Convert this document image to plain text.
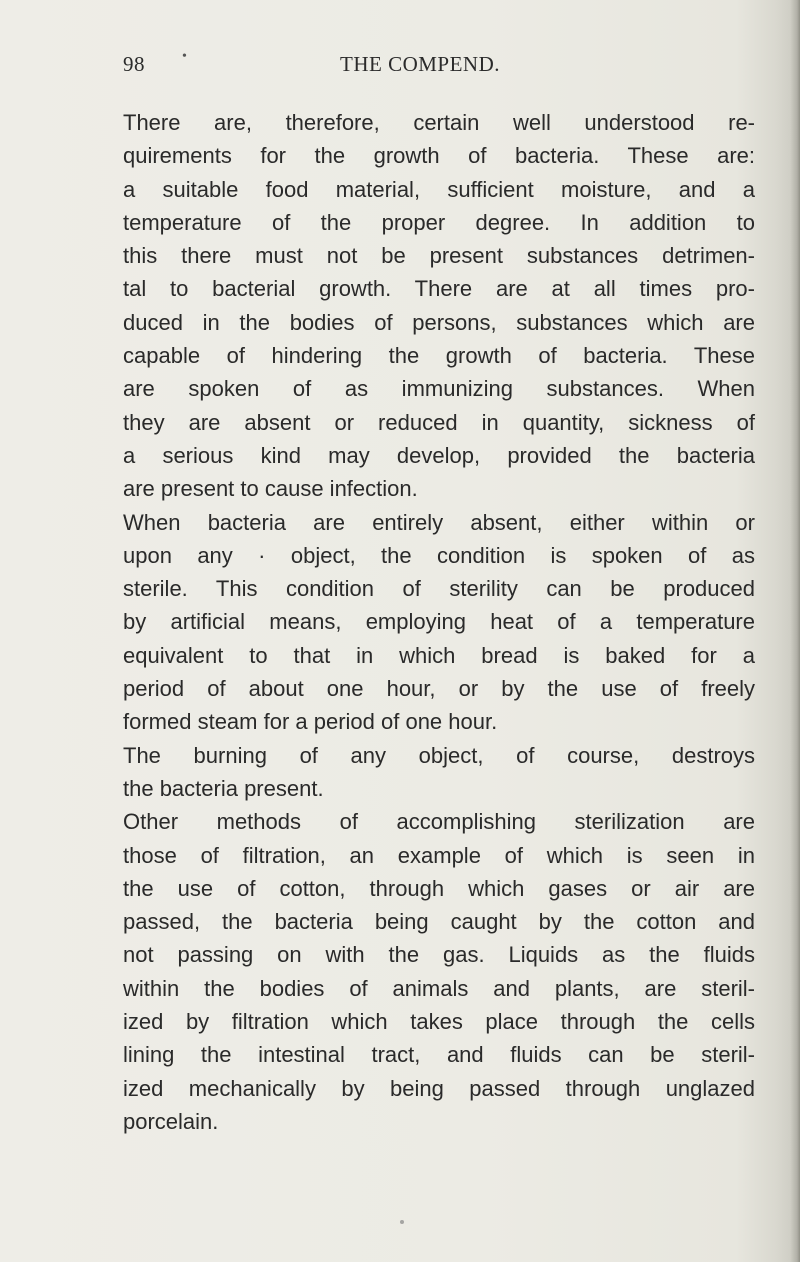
98	•	THE COMPEND.
There are, therefore, certain well understood re-
quirements for the growth of bacteria. These are:
a suitable food material, sufficient moisture, and a
temperature of the proper degree. In addition to
this there must not be present substances detrimen-
tal to bacterial growth. There are at all times pro-
duced in the bodies of persons, substances which are
capable of hindering the growth of bacteria. These
are spoken of as immunizing substances. When
they are absent or reduced in quantity, sickness of
a serious kind may develop, provided the bacteria
are present to cause infection.
When bacteria are entirely absent, either within or
upon any · object, the condition is spoken of as
sterile. This condition of sterility can be produced
by artificial means, employing heat of a temperature
equivalent to that in which bread is baked for a
period of about one hour, or by the use of freely
formed steam for a period of one hour.
The burning of any object, of course, destroys
the bacteria present.
Other methods of accomplishing sterilization are
those of filtration, an example of which is seen in
the use of cotton, through which gases or air are
passed, the bacteria being caught by the cotton and
not passing on with the gas. Liquids as the fluids
within the bodies of animals and plants, are steril-
ized by filtration which takes place through the cells
lining the intestinal tract, and fluids can be steril-
ized mechanically by being passed through unglazed
porcelain.
